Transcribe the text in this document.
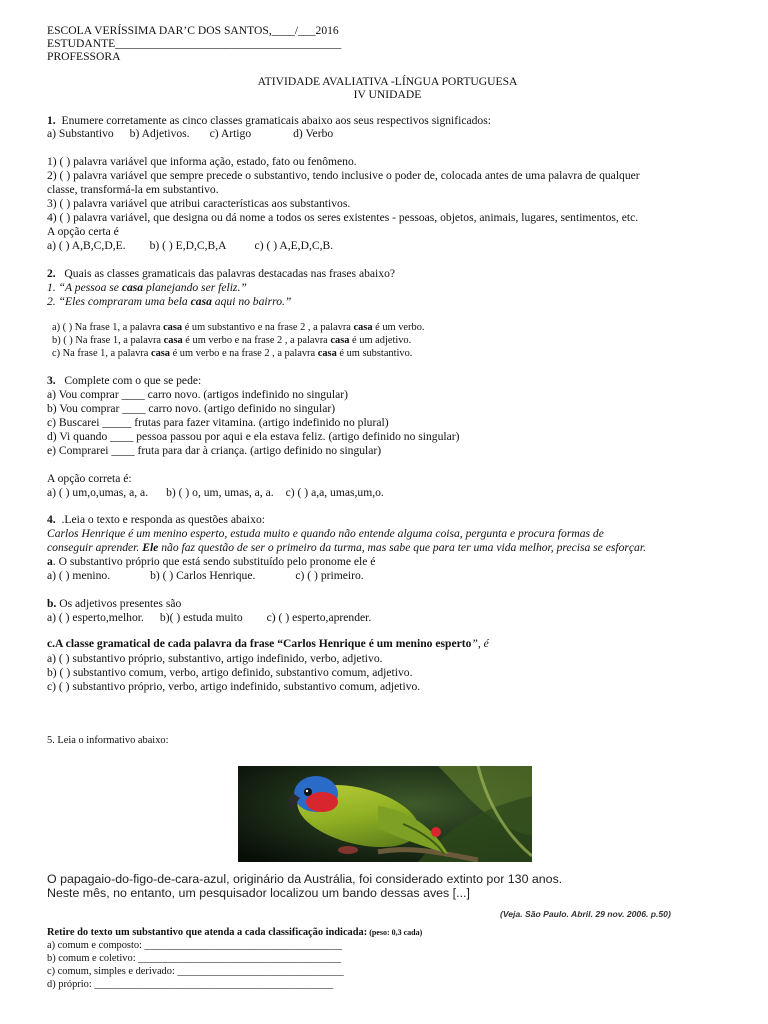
ESCOLA VERÍSSIMA DAR’C DOS SANTOS,____/___2016
ESTUDANTE_______________________________________
PROFESSORA
ATIVIDADE AVALIATIVA -LÍNGUA PORTUGUESA
IV UNIDADE
1. Enumere corretamente as cinco classes gramaticais abaixo aos seus respectivos significados:
a) Substantivo b) Adjetivos. c) Artigo	d) Verbo
1) ( ) palavra variável que informa ação, estado, fato ou fenômeno.
2) ( ) palavra variável que sempre precede o substantivo, tendo inclusive o poder de, colocada antes de uma palavra de qualquer
classe, transformá-la em substantivo.
3) ( ) palavra variável que atribui características aos substantivos.
4) ( ) palavra variável, que designa ou dá nome a todos os seres existentes - pessoas, objetos, animais, lugares, sentimentos, etc.
A opção certa é
a) ( ) A,B,C,D,E. b) ( ) E,D,C,B,A c) ( ) A,E,D,C,B.
2. Quais as classes gramaticais das palavras destacadas nas frases abaixo?
1. “A pessoa se casa planejando ser feliz.”
2. “Eles compraram uma bela casa aqui no bairro.”
a) ( ) Na frase 1, a palavra casa é um substantivo e na frase 2 , a palavra casa é um verbo.
b) ( ) Na frase 1, a palavra casa é um verbo e na frase 2 , a palavra casa é um adjetivo.
c) Na frase 1, a palavra casa é um verbo e na frase 2 , a palavra casa é um substantivo.
3. Complete com o que se pede:
a) Vou comprar ____ carro novo. (artigos indefinido no singular)
b) Vou comprar ____ carro novo. (artigo definido no singular)
c) Buscarei _____ frutas para fazer vitamina. (artigo indefinido no plural)
d) Vi quando ____ pessoa passou por aqui e ela estava feliz. (artigo definido no singular)
e) Comprarei ____ fruta para dar à criança. (artigo definido no singular)
A opção correta é:
a) ( ) um,o,umas, a, a. b) ( ) o, um, umas, a, a. c) ( ) a,a, umas,um,o.
4. .Leia o texto e responda as questões abaixo:
Carlos Henrique é um menino esperto, estuda muito e quando não entende alguma coisa, pergunta e procura formas de
conseguir aprender. Ele não faz questão de ser o primeiro da turma, mas sabe que para ter uma vida melhor, precisa se esforçar.
a. O substantivo próprio que está sendo substituído pelo pronome ele é
a) ( ) menino.	b) ( ) Carlos Henrique.	c) ( ) primeiro.
b. Os adjetivos presentes são
a) ( ) esperto,melhor. b)( ) estuda muito c) ( ) esperto,aprender.
c.A classe gramatical de cada palavra da frase “Carlos Henrique é um menino esperto”, é
a) ( ) substantivo próprio, substantivo, artigo indefinido, verbo, adjetivo.
b) ( ) substantivo comum, verbo, artigo definido, substantivo comum, adjetivo.
c) ( ) substantivo próprio, verbo, artigo indefinido, substantivo comum, adjetivo.
5. Leia o informativo abaixo:
O papagaio-do-figo-de-cara-azul, originário da Austrália, foi considerado extinto por 130 anos.
Neste mês, no entanto, um pesquisador localizou um bando dessas aves [...]
(Veja. São Paulo. Abril. 29 nov. 2006. p.50)
Retire do texto um substantivo que atenda a cada classificação indicada: (peso: 0,3 cada)
a) comum e composto: ______________________________________
b) comum e coletivo: _______________________________________
c) comum, simples e derivado: ________________________________
d) próprio: ______________________________________________
